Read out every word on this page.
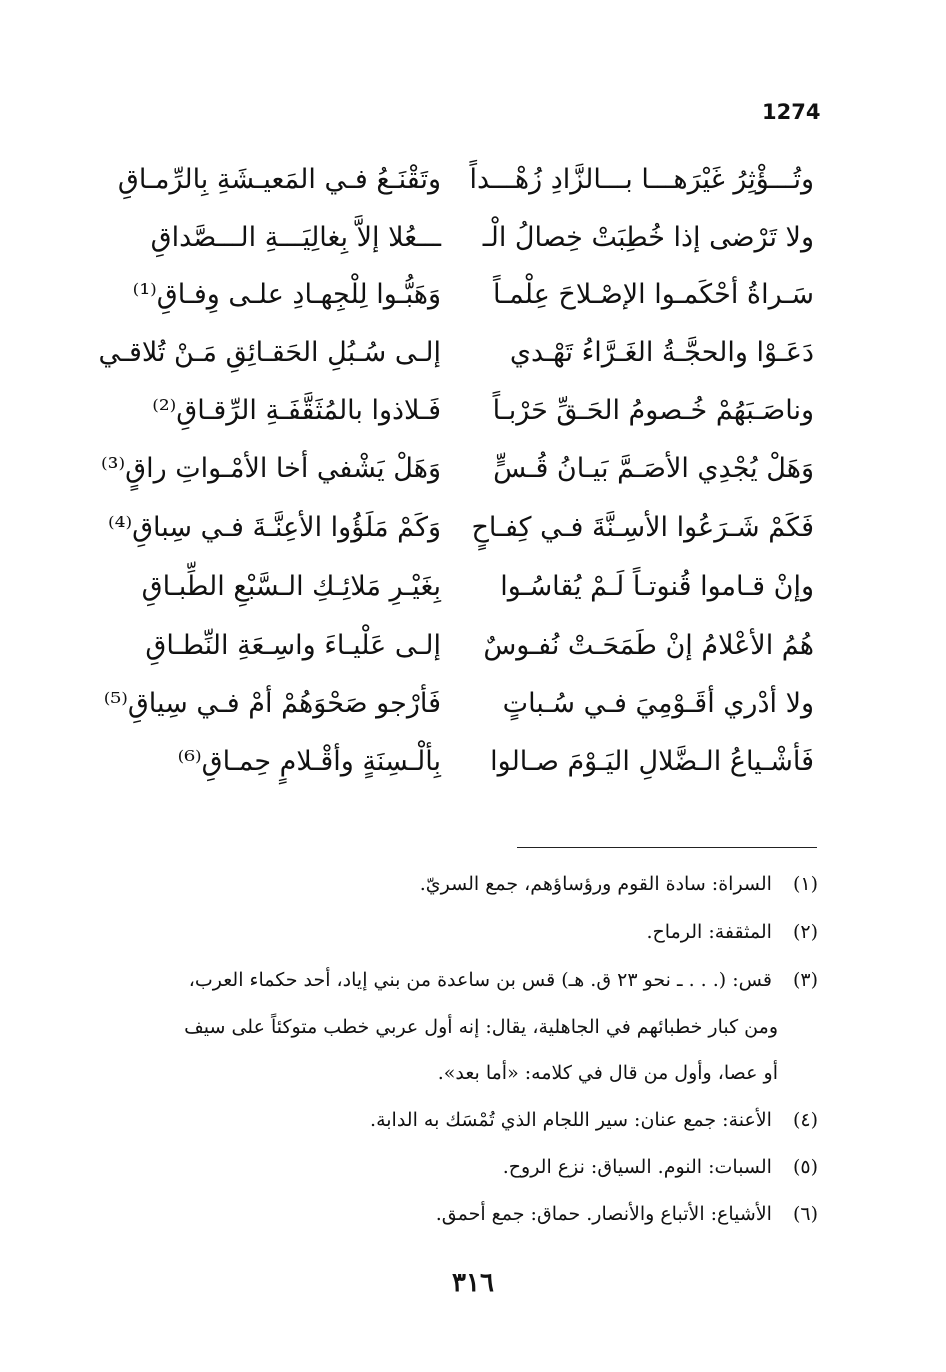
1274
وتُـــؤْثِرُ غَيْرَهـــا بـــالزَّادِ زُهْـــداً
ولا تَرْضى إذا خُطِبَتْ خِصالُ الْـ
سَـراةُ أحْكَمـوا الإصْـلاحَ عِلْمـاً
دَعَـوْا والحجَّـةُ الغَـرَّاءُ تَهْـدي
وناصَـبَهُمْ خُـصومُ الحَـقِّ حَرْبـاً
وَهَلْ يُجْدِي الأصَـمَّ بَيـانُ قُـسٍّ
فَكَمْ شَـرَعُوا الأسِـنَّةَ فـي كِفـاحٍ
وإنْ قـاموا قُنوتـاً لَـمْ يُقاسُـوا
هُمُ الأعْلامُ إنْ طَمَحَـتْ نُفـوسٌ
ولا أدْري أقَـوْمِيَ فـي سُـباتٍ
فَأشْـياعُ الـضَّلالِ اليَـوْمَ صـالوا
وتَقْنَـعُ فـي المَعيـشَةِ بِالرِّمـاقِ
ـــعُلا إلاَّ بِغالِيَـــةِ الـــصَّداقِ
وَهَبُّـوا لِلْجِهـادِ علـى وِفـاقِ⁽¹⁾
إلـى سُـبُلِ الحَقـائِقِ مَـنْ تُلاقـي
فَـلاذوا بالمُثَقَّفَـةِ الرِّقـاقِ⁽²⁾
وَهَلْ يَشْفي أخا الأمْـواتِ راقٍ⁽³⁾
وَكَمْ مَلَؤُوا الأعِنَّـةَ فـي سِباقِ⁽⁴⁾
بِغَيْـرِ مَلائِـكِ الـسَّبْعِ الطِّبـاقِ
إلـى عَلْيـاءَ واسِـعَةِ النِّطـاقِ
فَأرْجو صَحْوَهُمْ أمْ فـي سِياقِ⁽⁵⁾
بِألْـسِنَةٍ وأقْـلامٍ حِمـاقِ⁽⁶⁾
(١) السراة: سادة القوم ورؤساؤهم، جمع السريّ.
(٢) المثقفة: الرماح.
(٣) قس: (. . . ـ نحو ٢٣ ق. هـ) قس بن ساعدة من بني إياد، أحد حكماء العرب،
ومن كبار خطبائهم في الجاهلية، يقال: إنه أول عربي خطب متوكئاً على سيف
أو عصا، وأول من قال في كلامه: «أما بعد».
(٤) الأعنة: جمع عنان: سير اللجام الذي تُمْسَك به الدابة.
(٥) السبات: النوم. السياق: نزع الروح.
(٦) الأشياع: الأتباع والأنصار. حماق: جمع أحمق.
٣١٦
